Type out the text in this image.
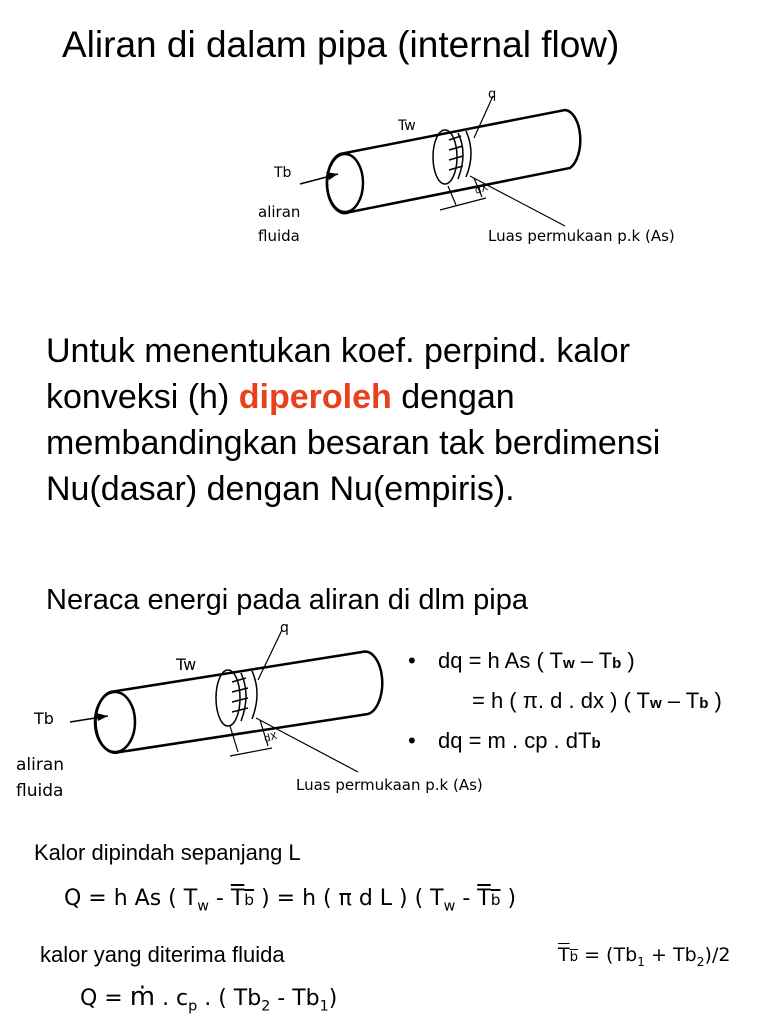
Aliran di dalam pipa (internal flow)
q
Tw
Tb
dX
aliran
fluida	Luas permukaan p.k (As)
Untuk menentukan koef. perpind. kalor konveksi (h) diperoleh dengan membandingkan besaran tak berdimensi Nu(dasar) dengan Nu(empiris).
Neraca energi pada aliran di dlm pipa
q
Tw
Tb
dX
aliran
fluida	Luas permukaan p.k (As)
• dq = h As ( Tw – Tb )
= h ( π. d . dx ) ( Tw – Tb )
• dq = m . cp . dTb
Kalor dipindah sepanjang L
Q = h As ( $T_w$ - Tb ) = h ( π d L ) ( $T_w$ - Tb )
kalor yang diterima fluida	$Tb = (Tb_1 + Tb_2)/2$
Q = ṁ . $c_p$ . ( $Tb_2 - Tb_1$)
